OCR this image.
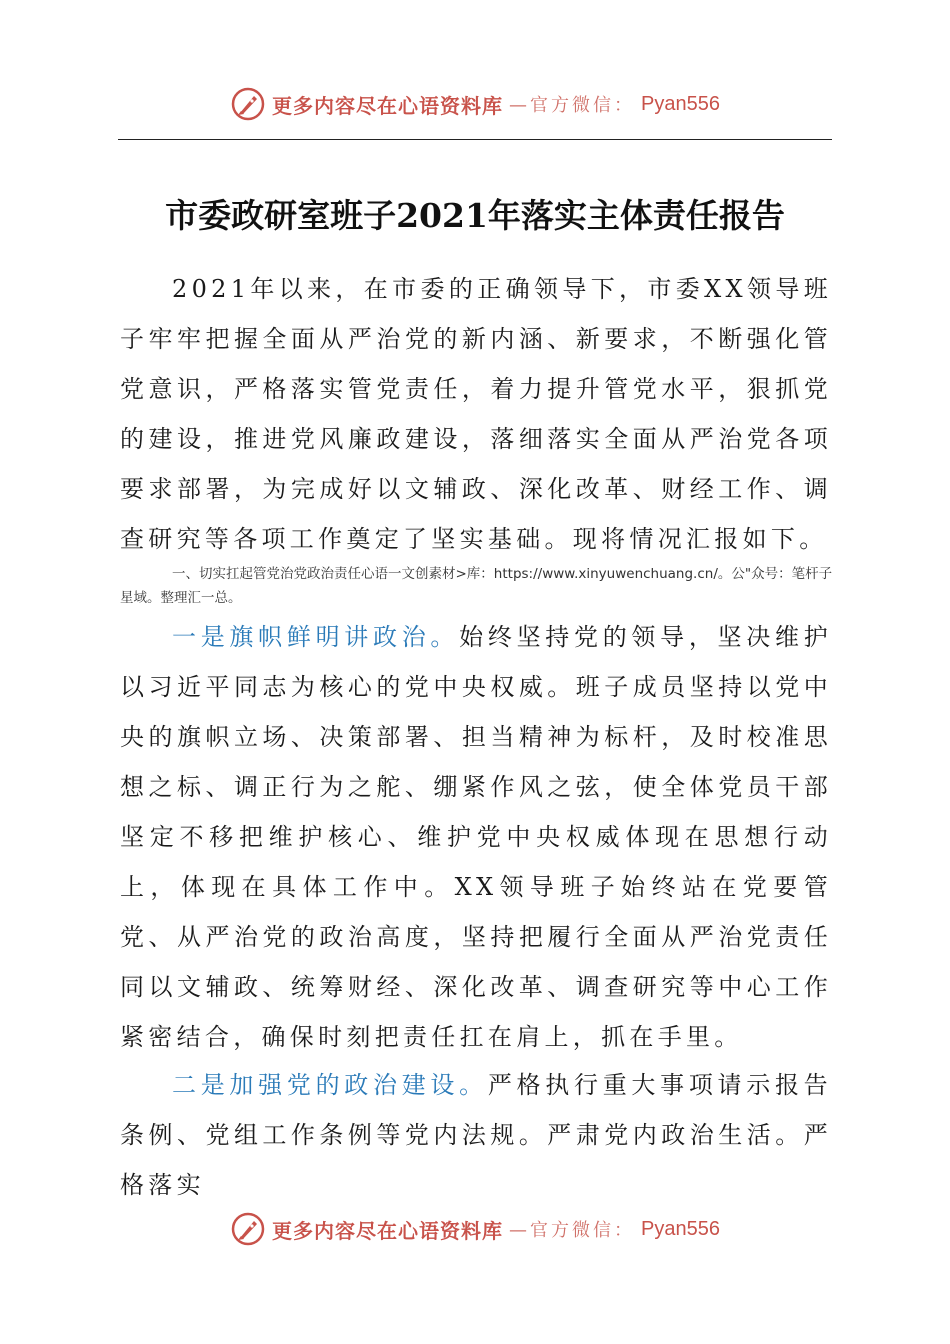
更多内容尽在心语资料库 —官方微信： Pyan556
市委政研室班子2021年落实主体责任报告

2021年以来，在市委的正确领导下，市委XX领导班子牢牢把握全面从严治党的新内涵、新要求，不断强化管党意识，严格落实管党责任，着力提升管党水平，狠抓党的建设，推进党风廉政建设，落细落实全面从严治党各项要求部署，为完成好以文辅政、深化改革、财经工作、调查研究等各项工作奠定了坚实基础。现将情况汇报如下。

一、切实扛起管党治党政治责任心语一文创素材>库：https://www.xinyuwenchuang.cn/。公"众号：笔杆子星域。整理汇一总。

一是旗帜鲜明讲政治。始终坚持党的领导，坚决维护以习近平同志为核心的党中央权威。班子成员坚持以党中央的旗帜立场、决策部署、担当精神为标杆，及时校准思想之标、调正行为之舵、绷紧作风之弦，使全体党员干部坚定不移把维护核心、维护党中央权威体现在思想行动上，体现在具体工作中。XX领导班子始终站在党要管党、从严治党的政治高度，坚持把履行全面从严治党责任同以文辅政、统筹财经、深化改革、调查研究等中心工作紧密结合，确保时刻把责任扛在肩上，抓在手里。

二是加强党的政治建设。严格执行重大事项请示报告条例、党组工作条例等党内法规。严肃党内政治生活。严格落实

更多内容尽在心语资料库 —官方微信： Pyan556
